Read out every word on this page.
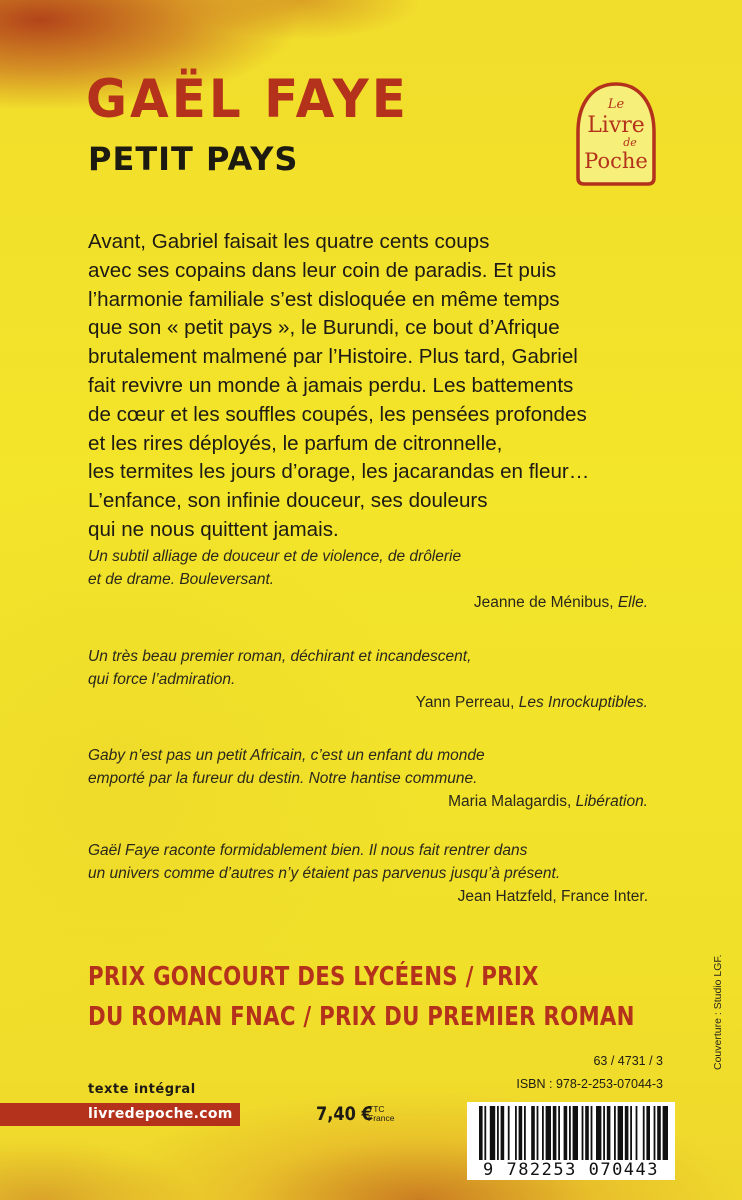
GAËL FAYE
PETIT PAYS
Le
Livre
de
Poche
Avant, Gabriel faisait les quatre cents coups
avec ses copains dans leur coin de paradis. Et puis
l’harmonie familiale s’est disloquée en même temps
que son « petit pays », le Burundi, ce bout d’Afrique
brutalement malmené par l’Histoire. Plus tard, Gabriel
fait revivre un monde à jamais perdu. Les battements
de cœur et les souffles coupés, les pensées profondes
et les rires déployés, le parfum de citronnelle,
les termites les jours d’orage, les jacarandas en fleur…
L’enfance, son infinie douceur, ses douleurs
qui ne nous quittent jamais.
Un subtil alliage de douceur et de violence, de drôlerie
et de drame. Bouleversant.
Jeanne de Ménibus, Elle.
Un très beau premier roman, déchirant et incandescent,
qui force l’admiration.
Yann Perreau, Les Inrockuptibles.
Gaby n’est pas un petit Africain, c’est un enfant du monde
emporté par la fureur du destin. Notre hantise commune.
Maria Malagardis, Libération.
Gaël Faye raconte formidablement bien. Il nous fait rentrer dans
un univers comme d’autres n’y étaient pas parvenus jusqu’à présent.
Jean Hatzfeld, France Inter.
PRIX GONCOURT DES LYCÉENS / PRIX
DU ROMAN FNAC / PRIX DU PREMIER ROMAN
texte intégral
livredepoche.com	7,40 €
TTC
France
63 / 4731 / 3
ISBN : 978-2-253-07044-3
9 782253 070443
Couverture : Studio LGF.
